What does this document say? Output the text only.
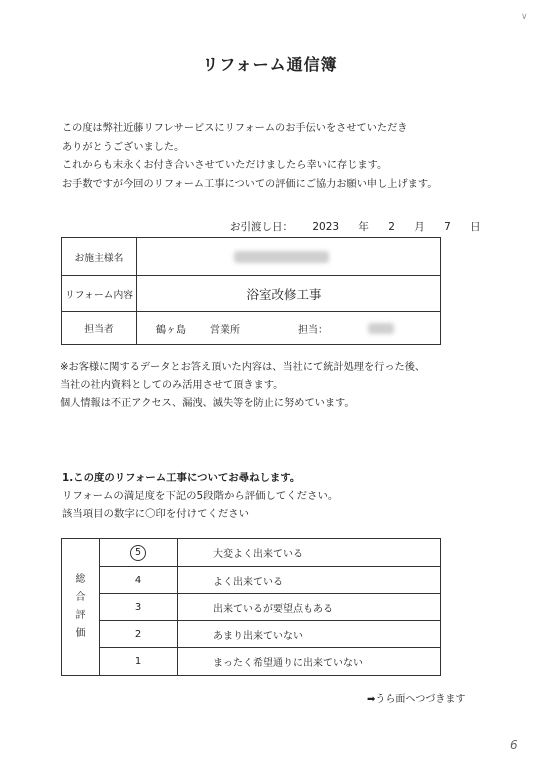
∨
リフォーム通信簿
この度は弊社近藤リフレサービスにリフォームのお手伝いをさせていただき
ありがとうございました。
これからも末永くお付き合いさせていただけましたら幸いに存じます。
お手数ですが今回のリフォーム工事についての評価にご協力お願い申し上げます。
お引渡し日： 2023 年 2 月 7 日
お施主様名
リフォーム内容	浴室改修工事
担当者	鶴ヶ島 営業所	担当：
※お客様に関するデータとお答え頂いた内容は、当社にて統計処理を行った後、
当社の社内資料としてのみ活用させて頂きます。
個人情報は不正アクセス、漏洩、滅失等を防止に努めています。
1.この度のリフォーム工事についてお尋ねします。
リフォームの満足度を下記の5段階から評価してください。
該当項目の数字に〇印を付けてください
総
合
評
価
5	大変よく出来ている
4	よく出来ている
3	出来ているが要望点もある
2	あまり出来ていない
1	まったく希望通りに出来ていない
➡うら面へつづきます
6
